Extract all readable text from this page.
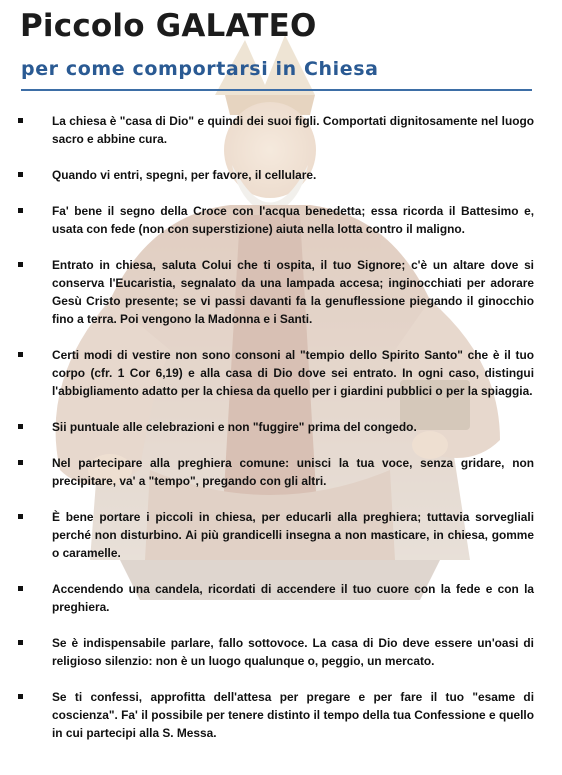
Piccolo GALATEO
per come comportarsi in Chiesa
La chiesa è "casa di Dio" e quindi dei suoi figli. Comportati dignitosamente nel luogo sacro e abbine cura.
Quando vi entri, spegni, per favore, il cellulare.
Fa' bene il segno della Croce con l'acqua benedetta; essa ricorda il Battesimo e, usata con fede (non con superstizione) aiuta nella lotta contro il maligno.
Entrato in chiesa, saluta Colui che ti ospita, il tuo Signore; c'è un altare dove si conserva l'Eucaristia, segnalato da una lampada accesa; inginocchiati per adorare Gesù Cristo presente; se vi passi davanti fa la genuflessione piegando il ginocchio fino a terra. Poi vengono la Madonna e i Santi.
Certi modi di vestire non sono consoni al "tempio dello Spirito Santo" che è il tuo corpo (cfr. 1 Cor 6,19) e alla casa di Dio dove sei entrato. In ogni caso, distingui l'abbigliamento adatto per la chiesa da quello per i giardini pubblici o per la spiaggia.
Sii puntuale alle celebrazioni e non "fuggire" prima del congedo.
Nel partecipare alla preghiera comune: unisci la tua voce, senza gridare, non precipitare, va' a "tempo", pregando con gli altri.
È bene portare i piccoli in chiesa, per educarli alla preghiera; tuttavia sorvegliali perché non disturbino. Ai più grandicelli insegna a non masticare, in chiesa, gomme o caramelle.
Accendendo una candela, ricordati di accendere il tuo cuore con la fede e con la preghiera.
Se è indispensabile parlare, fallo sottovoce. La casa di Dio deve essere un'oasi di religioso silenzio: non è un luogo qualunque o, peggio, un mercato.
Se ti confessi, approfitta dell'attesa per pregare e per fare il tuo "esame di coscienza". Fa' il possibile per tenere distinto il tempo della tua Confessione e quello in cui partecipi alla S. Messa.
